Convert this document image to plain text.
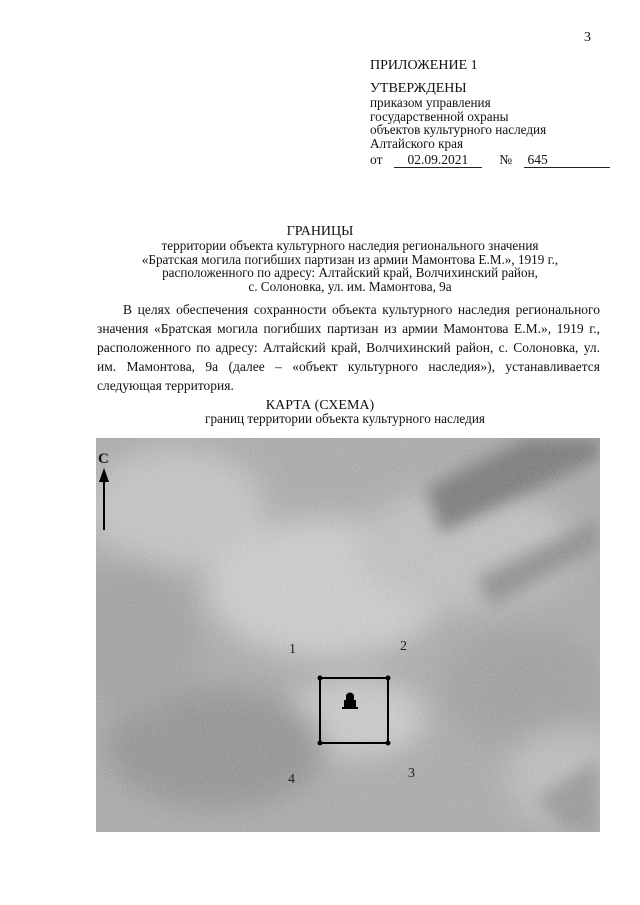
3
ПРИЛОЖЕНИЕ 1
УТВЕРЖДЕНЫ
приказом управления
государственной охраны
объектов культурного наследия
Алтайского края
от 02.09.2021 № 645
ГРАНИЦЫ
территории объекта культурного наследия регионального значения
«Братская могила погибших партизан из армии Мамонтова Е.М.», 1919 г.,
расположенного по адресу: Алтайский край, Волчихинский район,
с. Солоновка, ул. им. Мамонтова, 9а

В целях обеспечения сохранности объекта культурного наследия регионального значения «Братская могила погибших партизан из армии Мамонтова Е.М.», 1919 г., расположенного по адресу: Алтайский край, Волчихинский район, с. Солоновка, ул. им. Мамонтова, 9а (далее – «объект культурного наследия»), устанавливается следующая территория.

КАРТА (СХЕМА)
границ территории объекта культурного наследия
С
1	2
3
4
